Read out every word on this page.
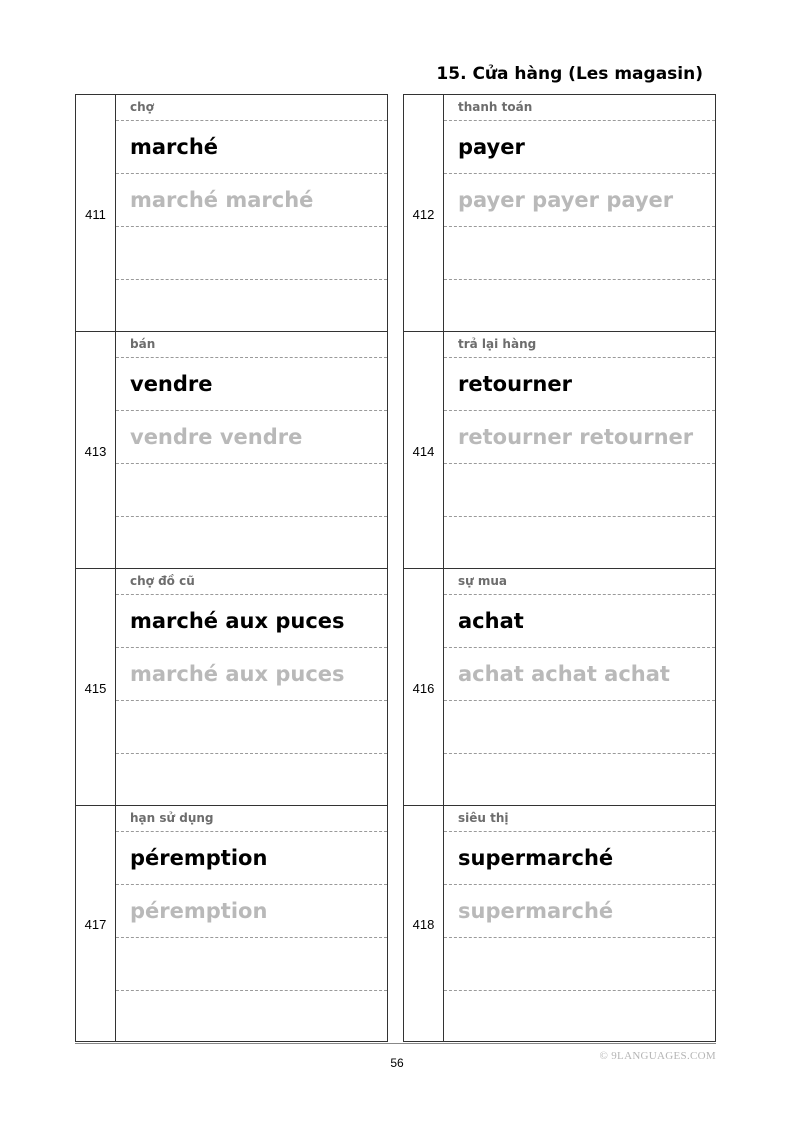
15. Cửa hàng (Les magasin)
411
chợ
marché
marché marché
413
bán
vendre
vendre vendre
415
chợ đồ cũ
marché aux puces
marché aux puces
417
hạn sử dụng
péremption
péremption
412
thanh toán
payer
payer payer payer
414
trả lại hàng
retourner
retourner retourner
416
sự mua
achat
achat achat achat
418
siêu thị
supermarché
supermarché
56	© 9LANGUAGES.COM
